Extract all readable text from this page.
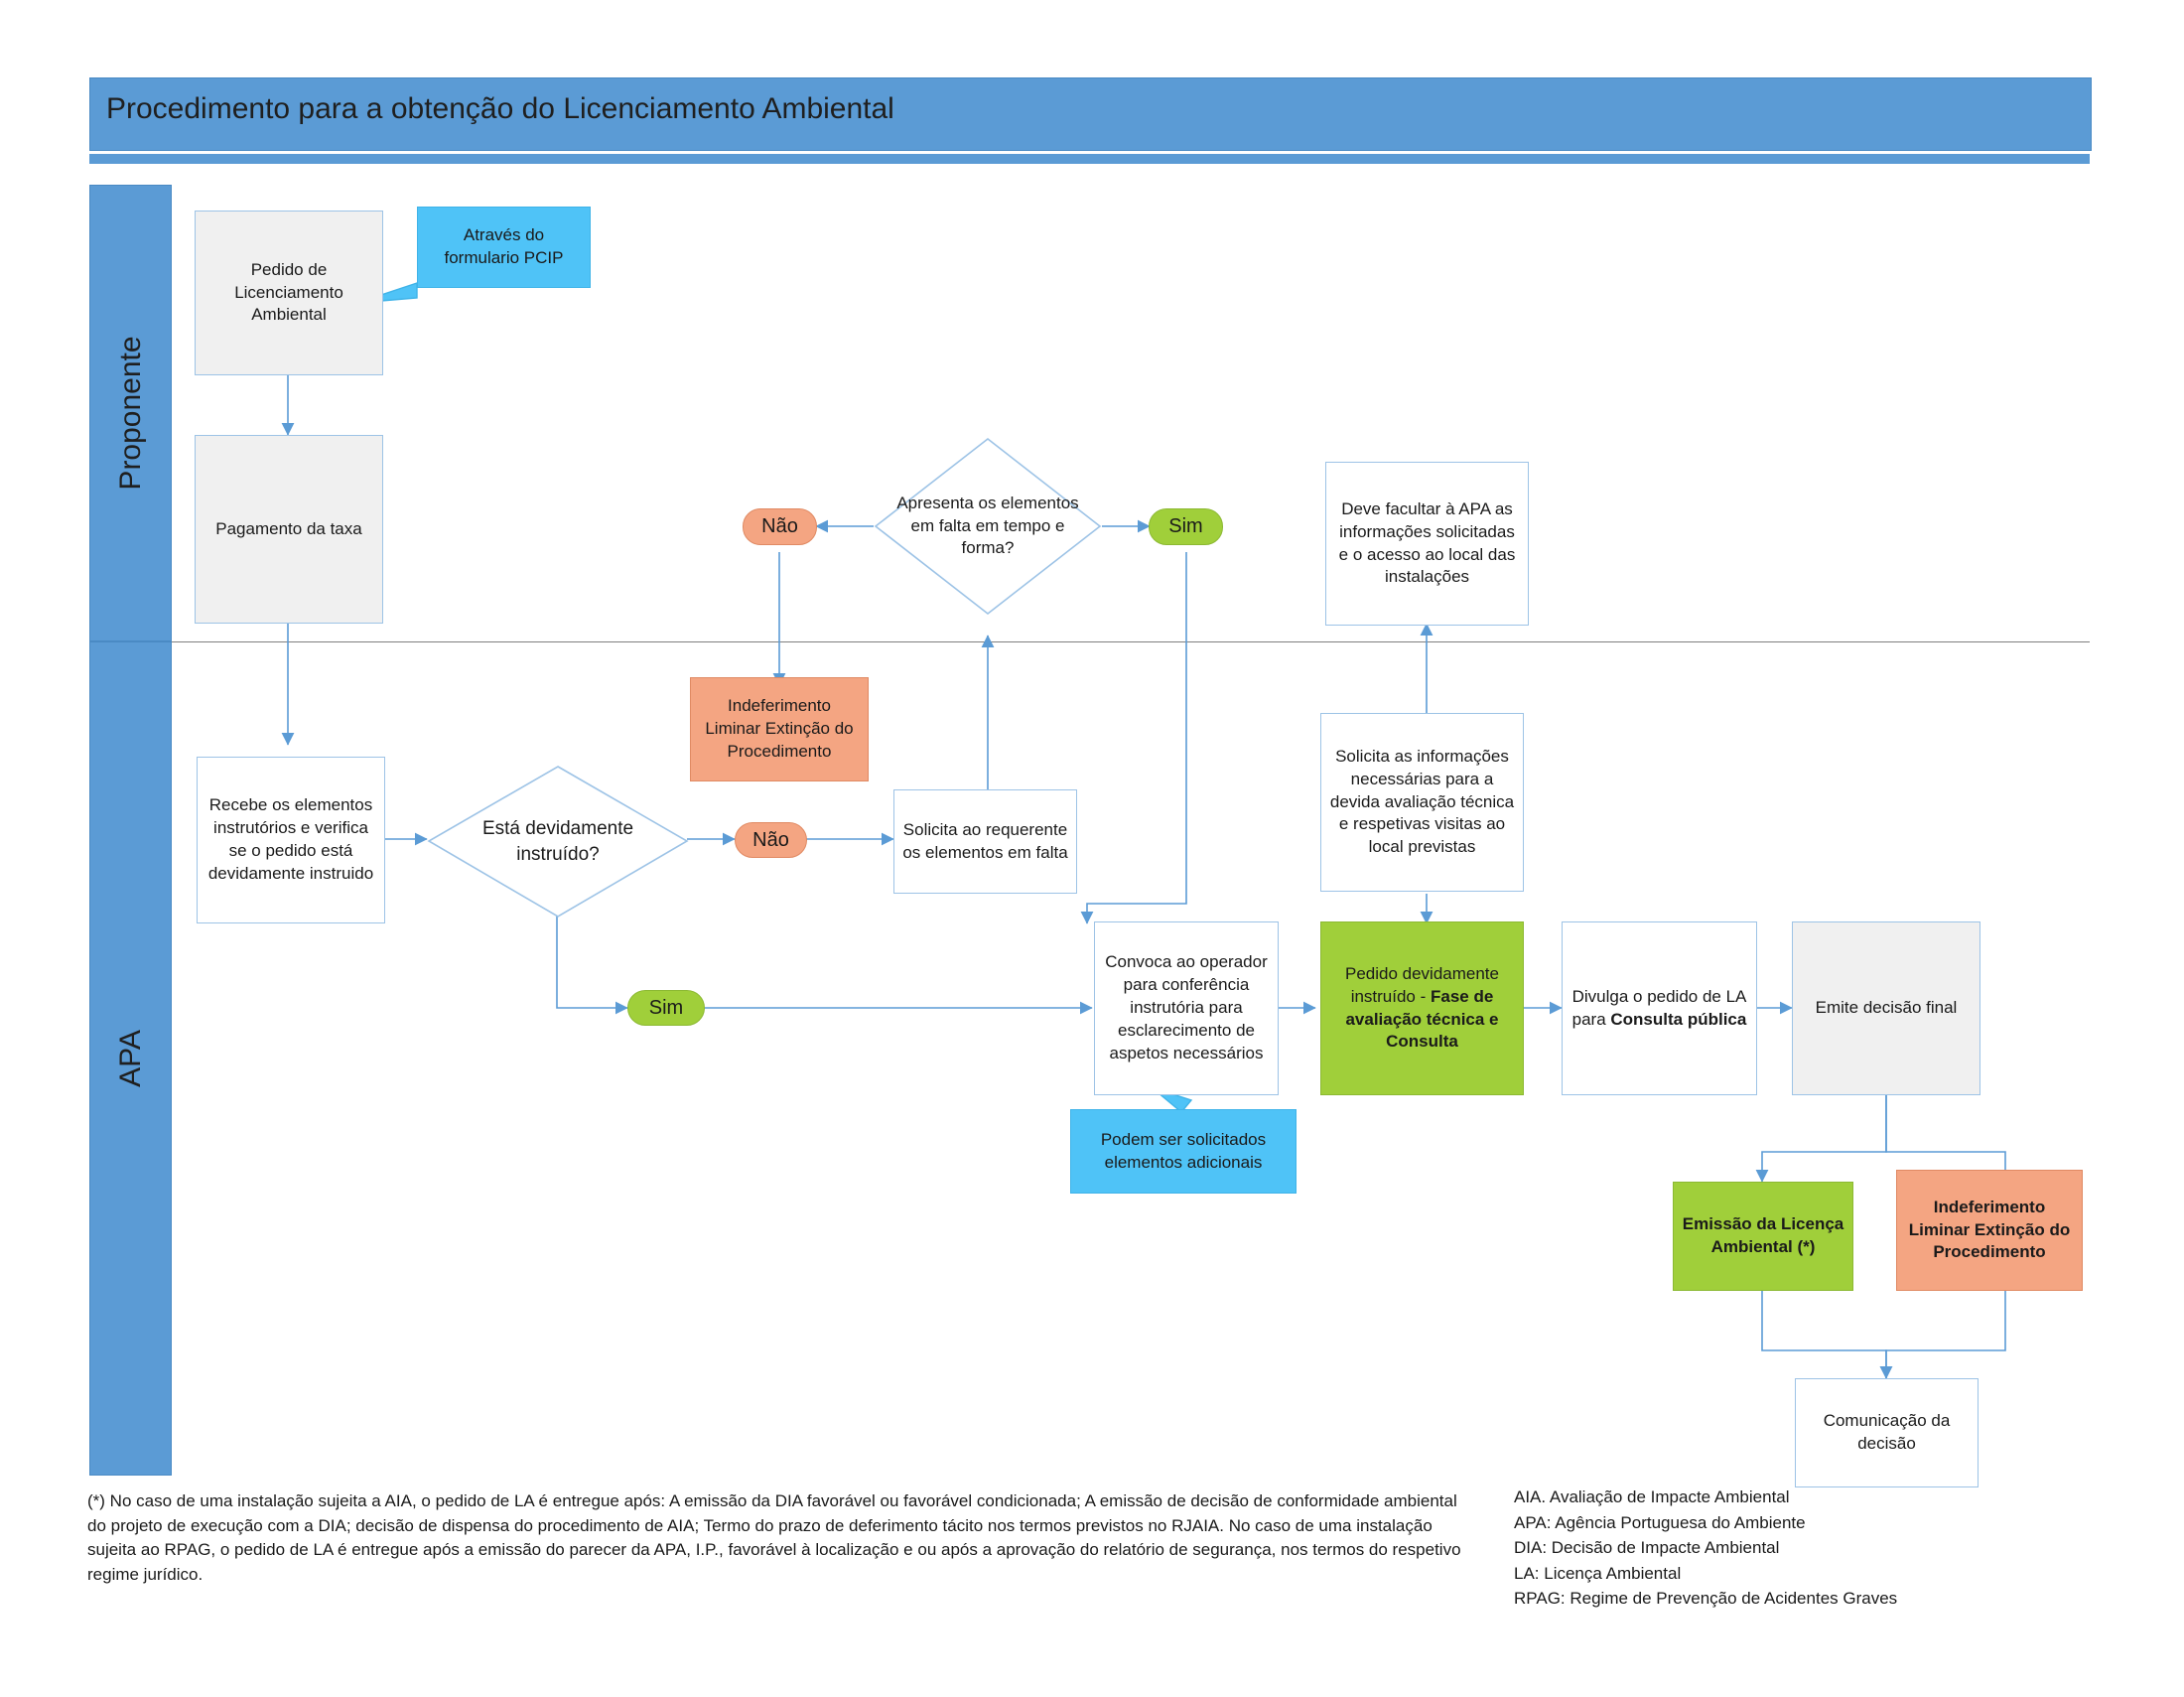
Procedimento para a obtenção do Licenciamento Ambiental
Proponente
APA
Pedido de Licenciamento Ambiental
Através do formulario PCIP
Pagamento da taxa
Apresenta os elementos em falta em tempo e forma?
Não	Sim
Deve facultar à APA as informações solicitadas e o acesso ao local das instalações
Indeferimento Liminar Extinção do Procedimento
Recebe os elementos instrutórios e verifica se o pedido está devidamente instruido
Está devidamente instruído?
Não
Sim
Solicita ao requerente os elementos em falta
Solicita as informações necessárias para a devida avaliação técnica e respetivas visitas ao local previstas
Convoca ao operador para conferência instrutória para esclarecimento de aspetos necessários
Podem ser solicitados elementos adicionais
Pedido devidamente instruído - Fase de avaliação técnica e Consulta
Divulga o pedido de LA para Consulta pública
Emite decisão final
Emissão da Licença Ambiental (*)
Indeferimento Liminar Extinção do Procedimento
Comunicação da decisão
(*) No caso de uma instalação sujeita a AIA, o pedido de LA é entregue após: A emissão da DIA favorável ou favorável condicionada; A emissão de decisão de conformidade ambiental do projeto de execução com a DIA; decisão de dispensa do procedimento de AIA; Termo do prazo de deferimento tácito nos termos previstos no RJAIA. No caso de uma instalação sujeita ao RPAG, o pedido de LA é entregue após a emissão do parecer da APA, I.P., favorável à localização e ou após a aprovação do relatório de segurança, nos termos do respetivo regime jurídico.
AIA. Avaliação de Impacte Ambiental
APA: Agência Portuguesa do Ambiente
DIA: Decisão de Impacte Ambiental
LA: Licença Ambiental
RPAG: Regime de Prevenção de Acidentes Graves
